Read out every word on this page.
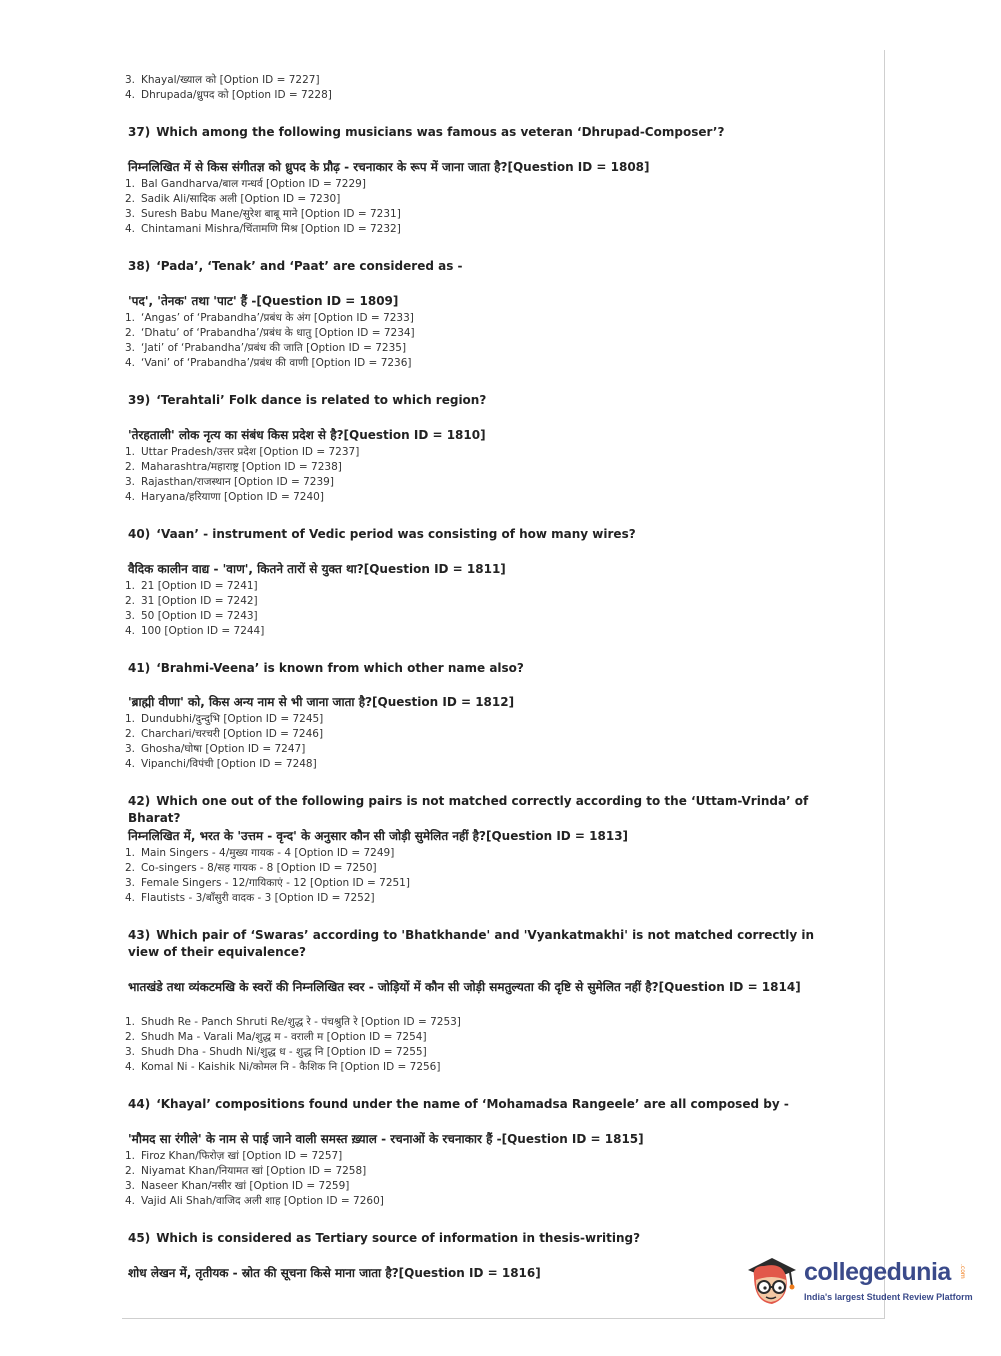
3. Khayal/ख्याल को [Option ID = 7227]
4. Dhrupada/ध्रुपद को [Option ID = 7228]
37) Which among the following musicians was famous as veteran ‘Dhrupad-Composer’?
निम्नलिखित में से किस संगीतज्ञ को ध्रुपद के प्रौढ़ - रचनाकार के रूप में जाना जाता है?[Question ID = 1808]
1. Bal Gandharva/बाल गन्धर्व [Option ID = 7229]
2. Sadik Ali/सादिक अली [Option ID = 7230]
3. Suresh Babu Mane/सुरेश बाबू माने [Option ID = 7231]
4. Chintamani Mishra/चिंतामणि मिश्र [Option ID = 7232]
38) ‘Pada’, ‘Tenak’ and ‘Paat’ are considered as -
'पद', 'तेनक' तथा 'पाट' हैं -[Question ID = 1809]
1. ‘Angas’ of ‘Prabandha’/प्रबंध के अंग [Option ID = 7233]
2. ‘Dhatu’ of ‘Prabandha’/प्रबंध के धातु [Option ID = 7234]
3. ‘Jati’ of ‘Prabandha’/प्रबंध की जाति [Option ID = 7235]
4. ‘Vani’ of ‘Prabandha’/प्रबंध की वाणी [Option ID = 7236]
39) ‘Terahtali’ Folk dance is related to which region?
'तेरहताली' लोक नृत्य का संबंध किस प्रदेश से है?[Question ID = 1810]
1. Uttar Pradesh/उत्तर प्रदेश [Option ID = 7237]
2. Maharashtra/महाराष्ट्र [Option ID = 7238]
3. Rajasthan/राजस्थान [Option ID = 7239]
4. Haryana/हरियाणा [Option ID = 7240]
40) ‘Vaan’ - instrument of Vedic period was consisting of how many wires?
वैदिक कालीन वाद्य - 'वाण', कितने तारों से युक्त था?[Question ID = 1811]
1. 21 [Option ID = 7241]
2. 31 [Option ID = 7242]
3. 50 [Option ID = 7243]
4. 100 [Option ID = 7244]
41) ‘Brahmi-Veena’ is known from which other name also?
'ब्राह्मी वीणा' को, किस अन्य नाम से भी जाना जाता है?[Question ID = 1812]
1. Dundubhi/दुन्दुभि [Option ID = 7245]
2. Charchari/चरचरी [Option ID = 7246]
3. Ghosha/घोषा [Option ID = 7247]
4. Vipanchi/विपंची [Option ID = 7248]
42) Which one out of the following pairs is not matched correctly according to the ‘Uttam-Vrinda’ of Bharat?
निम्नलिखित में, भरत के 'उत्तम - वृन्द' के अनुसार कौन सी जोड़ी सुमेलित नहीं है?[Question ID = 1813]
1. Main Singers - 4/मुख्य गायक - 4 [Option ID = 7249]
2. Co-singers - 8/सह गायक - 8 [Option ID = 7250]
3. Female Singers - 12/गायिकाएं - 12 [Option ID = 7251]
4. Flautists - 3/बाँसुरी वादक - 3 [Option ID = 7252]
43) Which pair of ‘Swaras’ according to 'Bhatkhande' and 'Vyankatmakhi' is not matched correctly in view of their equivalence?
भातखंडे तथा व्यंकटमखि के स्वरों की निम्नलिखित स्वर - जोड़ियों में कौन सी जोड़ी समतुल्यता की दृष्टि से सुमेलित नहीं है?[Question ID = 1814]
1. Shudh Re - Panch Shruti Re/शुद्ध रे - पंचश्रुति रे [Option ID = 7253]
2. Shudh Ma - Varali Ma/शुद्ध म - वराली म [Option ID = 7254]
3. Shudh Dha - Shudh Ni/शुद्ध ध - शुद्ध नि [Option ID = 7255]
4. Komal Ni - Kaishik Ni/कोमल नि - कैशिक नि [Option ID = 7256]
44) ‘Khayal’ compositions found under the name of ‘Mohamadsa Rangeele’ are all composed by -
'मौमद सा रंगीले' के नाम से पाई जाने वाली समस्त ख़्याल - रचनाओं के रचनाकार हैं -[Question ID = 1815]
1. Firoz Khan/फिरोज़ खां [Option ID = 7257]
2. Niyamat Khan/नियामत खां [Option ID = 7258]
3. Naseer Khan/नसीर खां [Option ID = 7259]
4. Vajid Ali Shah/वाजिद अली शाह [Option ID = 7260]
45) Which is considered as Tertiary source of information in thesis-writing?
शोध लेखन में, तृतीयक - स्रोत की सूचना किसे माना जाता है?[Question ID = 1816]	collegedunia .com
India's largest Student Review Platform
